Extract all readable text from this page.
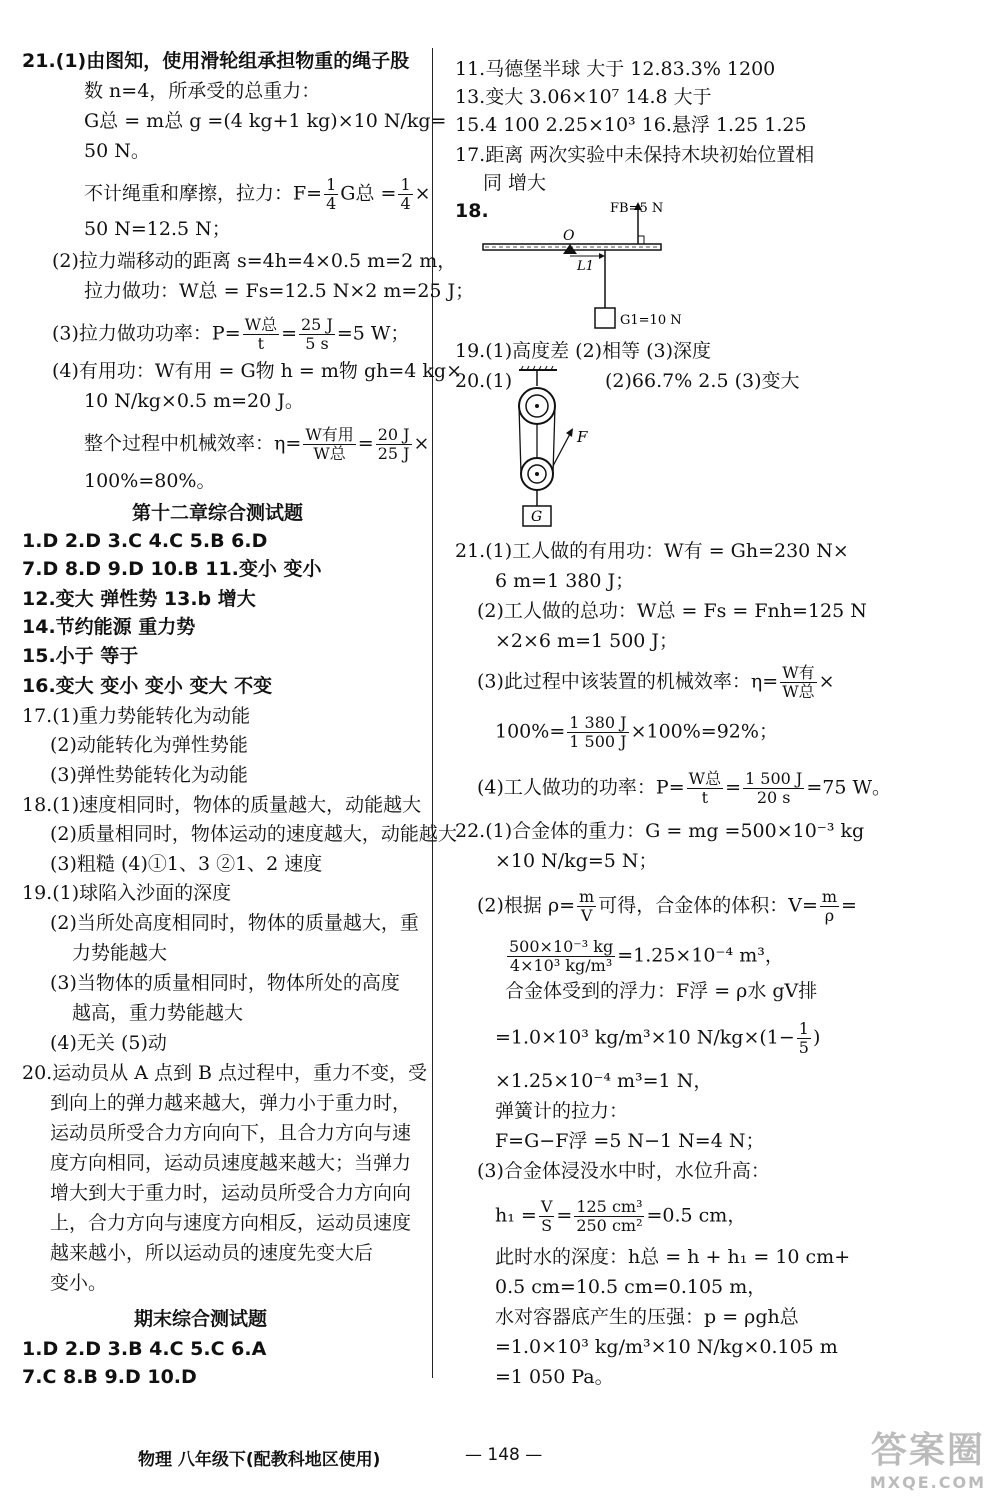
21.(1)由图知，使用滑轮组承担物重的绳子股
数 n=4，所承受的总重力：
G总 = m总 g =(4 kg+1 kg)×10 N/kg=
50 N。
不计绳重和摩擦，拉力：$F= \frac{1}{4}$ G总 = $\frac{1}{4}$ ×
50 N=12.5 N；
(2)拉力端移动的距离 s=4h=4×0.5 m=2 m，
拉力做功：W总 = Fs=12.5 N×2 m=25 J；
(3)拉力做功功率：$P= \frac{\text{W总}}{t} = \frac{25 J}{5 s} =5$ W；
(4)有用功：W有用 = G物 h = m物 gh=4 kg×
10 N/kg×0.5 m=20 J。
整个过程中机械效率：$\eta= \frac{\text{W有用}}{\text{W总}} = \frac{20 J}{25 J}$ ×
100%=80%。
第十二章综合测试题
1.D 2.D 3.C 4.C 5.B 6.D
7.D 8.D 9.D 10.B 11.变小 变小
12.变大 弹性势 13.b 增大
14.节约能源 重力势
15.小于 等于
16.变大 变小 变小 变大 不变
17.(1)重力势能转化为动能
(2)动能转化为弹性势能
(3)弹性势能转化为动能
18.(1)速度相同时，物体的质量越大，动能越大
(2)质量相同时，物体运动的速度越大，动能越大
(3)粗糙 (4)①1、3 ②1、2 速度
19.(1)球陷入沙面的深度
(2)当所处高度相同时，物体的质量越大，重
力势能越大
(3)当物体的质量相同时，物体所处的高度
越高，重力势能越大
(4)无关 (5)动
20.运动员从 A 点到 B 点过程中，重力不变，受
到向上的弹力越来越大，弹力小于重力时，
运动员所受合力方向向下，且合力方向与速
度方向相同，运动员速度越来越大；当弹力
增大到大于重力时，运动员所受合力方向向
上，合力方向与速度方向相反，运动员速度
越来越小，所以运动员的速度先变大后
变小。
期末综合测试题
1.D 2.D 3.B 4.C 5.C 6.A
7.C 8.B 9.D 10.D
11.马德堡半球 大于 12.83.3% 1200
13.变大 3.06×10⁷ 14.8 大于
15.4 100 2.25×10³ 16.悬浮 1.25 1.25
17.距离 两次实验中未保持木块初始位置相
同 增大
18.	FB=5 N
O
L1
G1=10 N
19.(1)高度差 (2)相等 (3)深度
20.(1)	(2)66.7% 2.5 (3)变大
F
G
21.(1)工人做的有用功：W有 = Gh=230 N×
6 m=1 380 J；
(2)工人做的总功：W总 = Fs = Fnh=125 N
×2×6 m=1 500 J；
(3)此过程中该装置的机械效率：$\eta= \frac{\text{W有}}{\text{W总}}$ ×
$100\%= \frac{1 380 J}{1 500 J} \times 100\%=92\%$；
(4)工人做功的功率：$P= \frac{\text{W总}}{t} = \frac{1 500 J}{20 s} =75$ W。
22.(1)合金体的重力：G = mg =500×10⁻³ kg
×10 N/kg=5 N；
(2)根据 $\rho= \frac{m}{V}$ 可得，合金体的体积：$V= \frac{m}{\rho}$ =
$\frac{\text{500×10⁻³ kg}}{\text{4×10³ kg/m³}} =1.25\times 10^{-4}$ m³，
合金体受到的浮力：F浮 = ρ水 gV排
=1.0×10³ kg/m³×10 $N/kg\times(1- \frac{1}{5}$ )
×1.25×10⁻⁴ m³=1 N，
弹簧计的拉力：
F=G−F浮 =5 N−1 N=4 N；
(3)合金体浸没水中时，水位升高：
$h_1 = \frac{V}{S} = \frac{\text{125 cm³}}{\text{250 cm²}} =0.5$ cm，
此时水的深度：h总 = h + h₁ = 10 cm+
0.5 cm=10.5 cm=0.105 m，
水对容器底产生的压强：p = ρgh总
=1.0×10³ kg/m³×10 N/kg×0.105 m
=1 050 Pa。
物理 八年级下(配教科地区使用)	— 148 —	答案圈
MXQE.COM
